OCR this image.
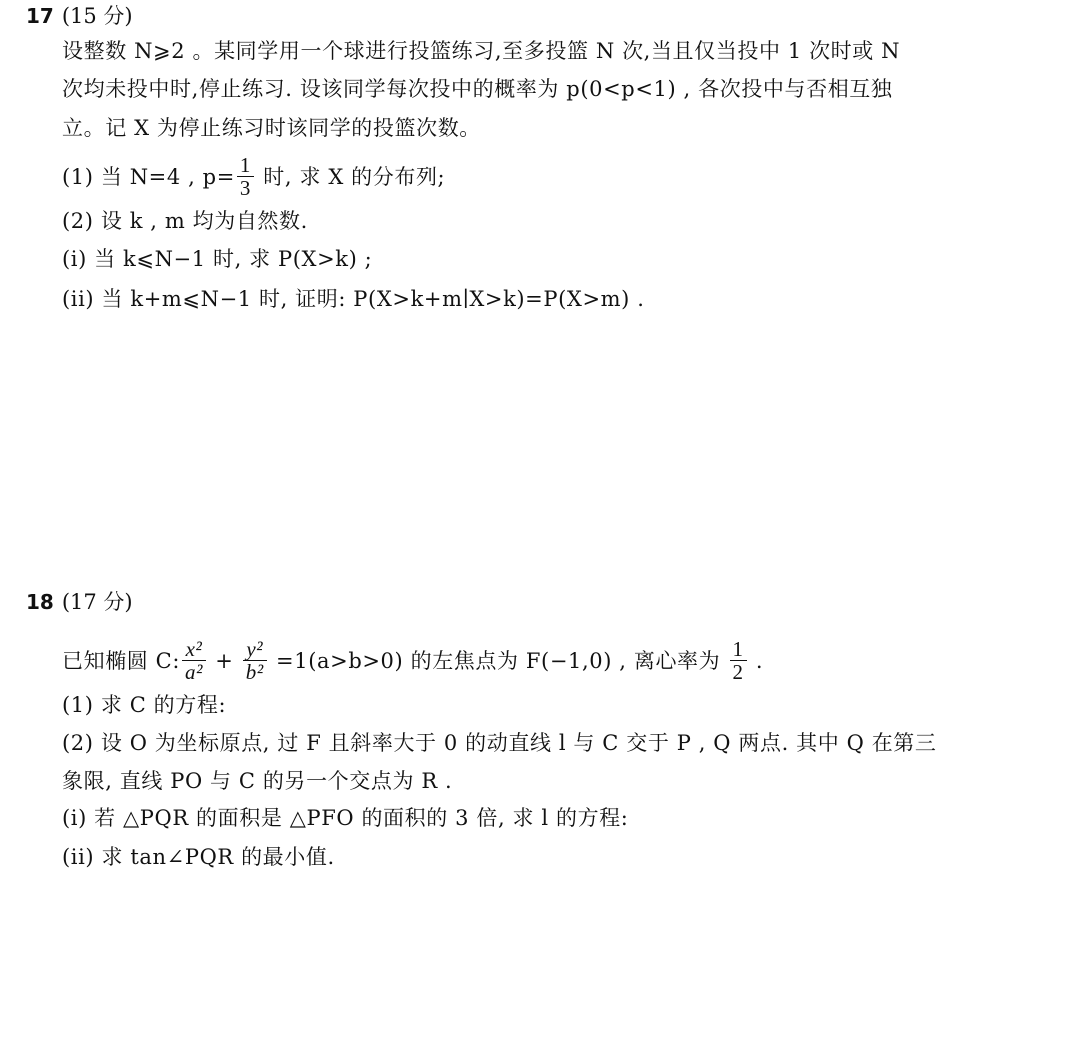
17 (15 分)
设整数 N⩾2 。某同学用一个球进行投篮练习,至多投篮 N 次,当且仅当投中 1 次时或 N
次均未投中时,停止练习. 设该同学每次投中的概率为 p(0<p<1) , 各次投中与否相互独
立。记 X 为停止练习时该同学的投篮次数。
(1) 当 N=4 , $p= \frac{1}{3}$ 时, 求 X 的分布列;
(2) 设 k , m 均为自然数.
(i) 当 k⩽N−1 时, 求 P(X>k) ;
(ii) 当 k+m⩽N−1 时, 证明: P(X>k+m∣X>k)=P(X>m) .
18 (17 分)
已知椭圆 C: $\frac{\text{x²}}{\text{a²}} + \frac{\text{y²}}{\text{b²}} =1(a>b>0)$ 的左焦点为 F(−1,0) , 离心率为 $\frac{1}{2}$ .
(1) 求 C 的方程:
(2) 设 O 为坐标原点, 过 F 且斜率大于 0 的动直线 l 与 C 交于 P , Q 两点. 其中 Q 在第三
象限, 直线 PO 与 C 的另一个交点为 R .
(i) 若 △PQR 的面积是 △PFO 的面积的 3 倍, 求 l 的方程:
(ii) 求 tan∠PQR 的最小值.
